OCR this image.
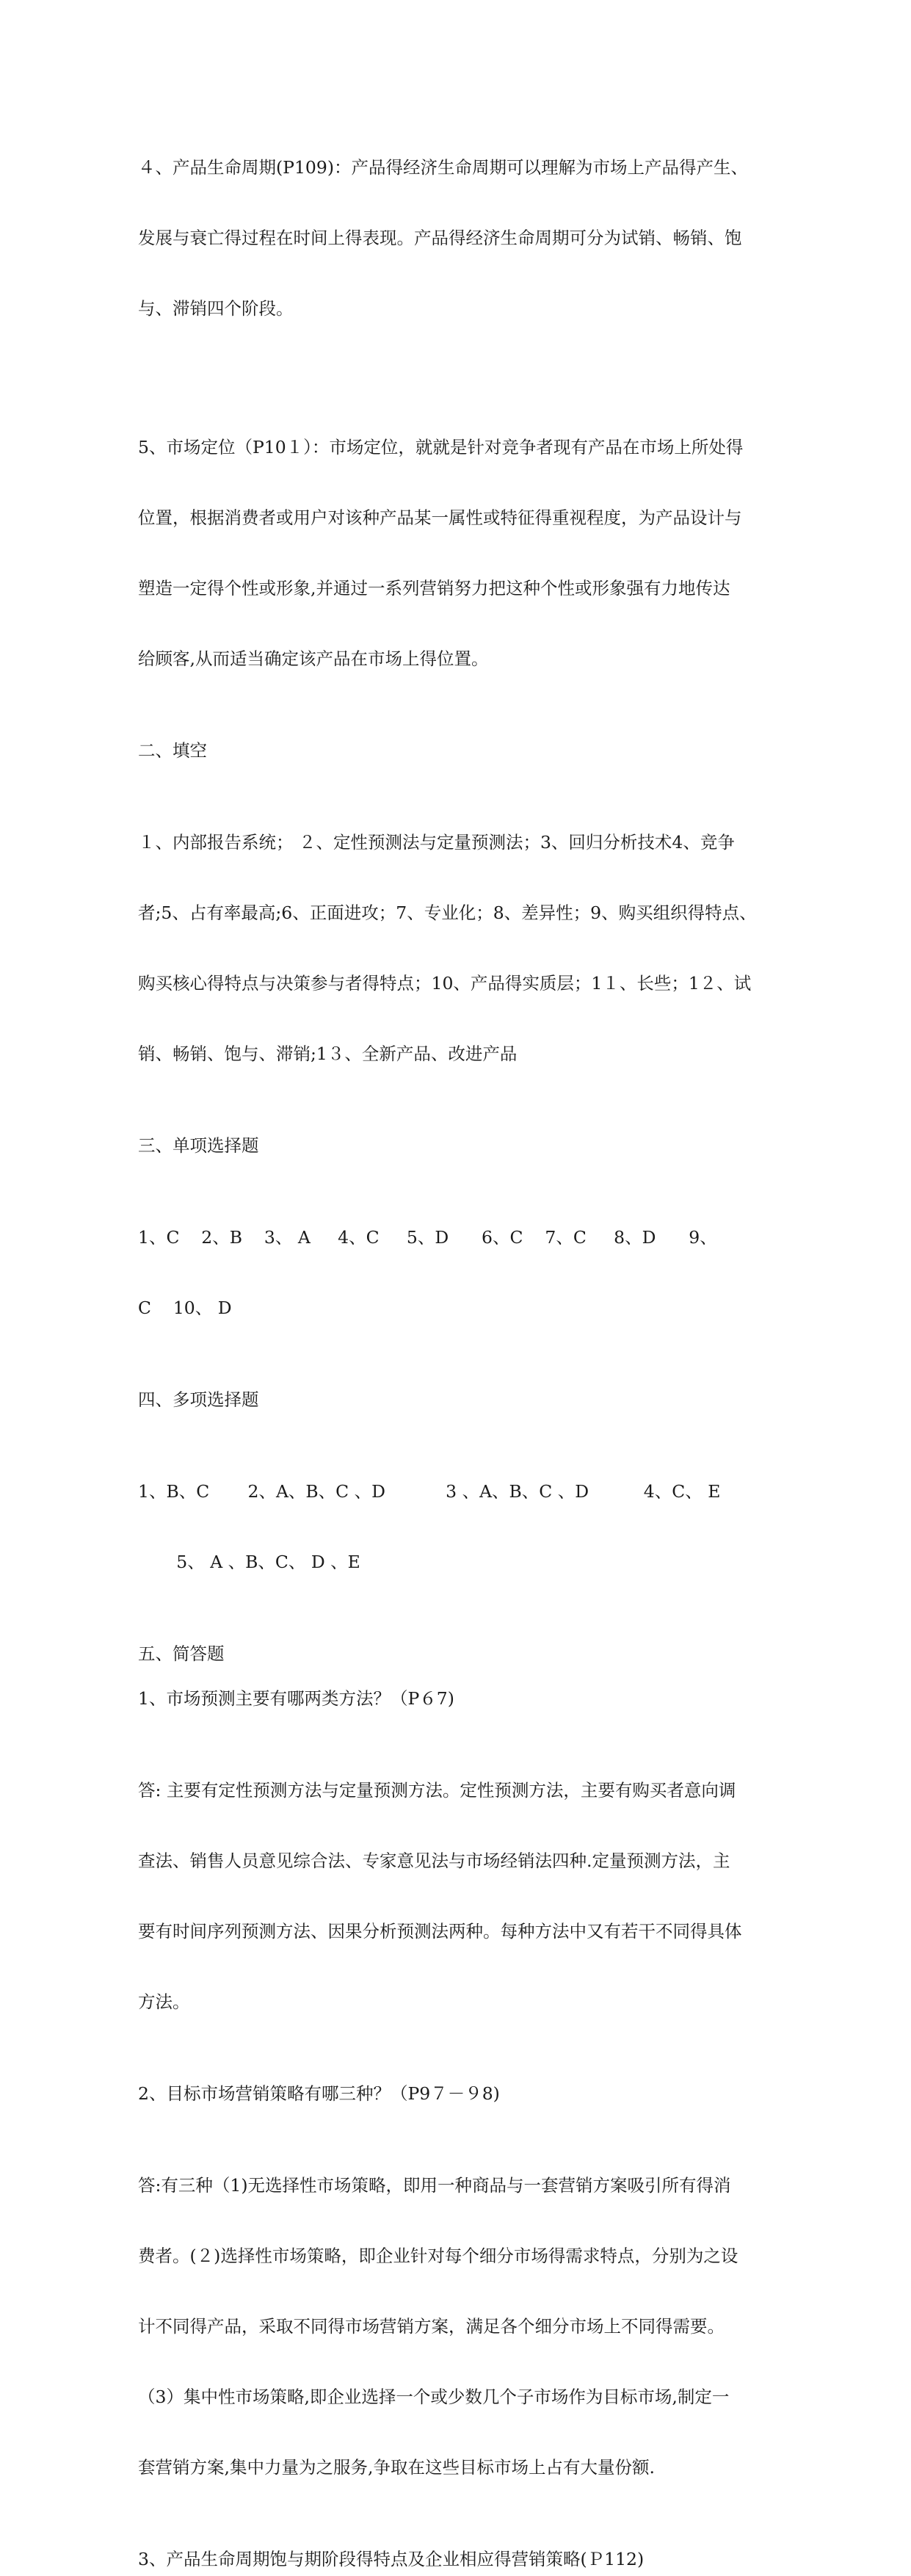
４、产品生命周期(P109)：产品得经济生命周期可以理解为市场上产品得产生、

发展与衰亡得过程在时间上得表现。产品得经济生命周期可分为试销、畅销、饱

与、滞销四个阶段。

5、市场定位（P10１）：市场定位，就就是针对竞争者现有产品在市场上所处得

位置，根据消费者或用户对该种产品某一属性或特征得重视程度，为产品设计与

塑造一定得个性或形象,并通过一系列营销努力把这种个性或形象强有力地传达

给顾客,从而适当确定该产品在市场上得位置。

二、填空

１、内部报告系统； ２、定性预测法与定量预测法；3、回归分析技术4、竞争

者;5、占有率最高;6、正面进攻；7、专业化；8、差异性；9、购买组织得特点、

购买核心得特点与决策参与者得特点；10、产品得实质层；1１、长些；1２、试

销、畅销、饱与、滞销;1３、全新产品、改进产品

三、单项选择题

1、C    2、B    3、 A     4、C     5、D      6、C    7、C     8、D      9、

C    10、 D

四、多项选择题

1、B、C       2、A、B、C 、D           3 、A、B、C 、D          4、C、 E

5、 A 、B、C、 D 、E

五、简答题
1、市场预测主要有哪两类方法？（P６7)

答: 主要有定性预测方法与定量预测方法。定性预测方法，主要有购买者意向调

查法、销售人员意见综合法、专家意见法与市场经销法四种.定量预测方法，主

要有时间序列预测方法、因果分析预测法两种。每种方法中又有若干不同得具体

方法。

2、目标市场营销策略有哪三种？（P9７－９8)

答:有三种（1)无选择性市场策略，即用一种商品与一套营销方案吸引所有得消

费者。(２)选择性市场策略，即企业针对每个细分市场得需求特点，分别为之设

计不同得产品，采取不同得市场营销方案，满足各个细分市场上不同得需要。

（3）集中性市场策略,即企业选择一个或少数几个子市场作为目标市场,制定一

套营销方案,集中力量为之服务,争取在这些目标市场上占有大量份额.

3、产品生命周期饱与期阶段得特点及企业相应得营销策略(Ｐ112)
